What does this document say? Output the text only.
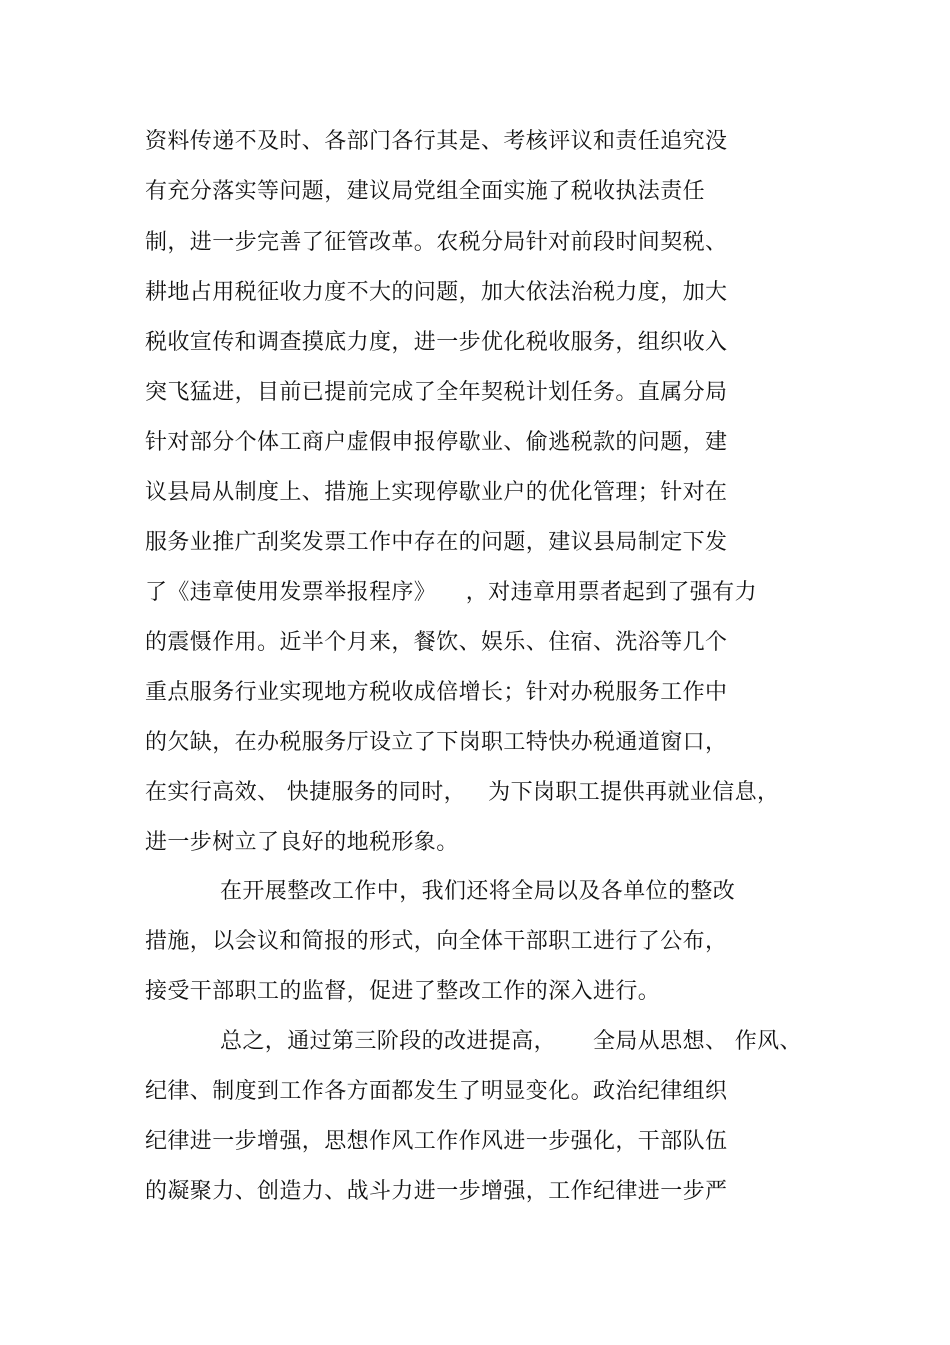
资料传递不及时、各部门各行其是、考核评议和责任追究没
有充分落实等问题，建议局党组全面实施了税收执法责任
制，进一步完善了征管改革。农税分局针对前段时间契税、
耕地占用税征收力度不大的问题，加大依法治税力度，加大
税收宣传和调查摸底力度，进一步优化税收服务，组织收入
突飞猛进，目前已提前完成了全年契税计划任务。直属分局
针对部分个体工商户虚假申报停歇业、偷逃税款的问题，建
议县局从制度上、措施上实现停歇业户的优化管理；针对在
服务业推广刮奖发票工作中存在的问题，建议县局制定下发
了《违章使用发票举报程序》    ，对违章用票者起到了强有力
的震慑作用。近半个月来，餐饮、娱乐、住宿、洗浴等几个
重点服务行业实现地方税收成倍增长；针对办税服务工作中
的欠缺，在办税服务厅设立了下岗职工特快办税通道窗口，
在实行高效、 快捷服务的同时，   为下岗职工提供再就业信息，
进一步树立了良好的地税形象。
在开展整改工作中，我们还将全局以及各单位的整改
措施，以会议和简报的形式，向全体干部职工进行了公布，
接受干部职工的监督，促进了整改工作的深入进行。
总之，通过第三阶段的改进提高，     全局从思想、 作风、
纪律、制度到工作各方面都发生了明显变化。政治纪律组织
纪律进一步增强，思想作风工作作风进一步强化，干部队伍
的凝聚力、创造力、战斗力进一步增强，工作纪律进一步严
